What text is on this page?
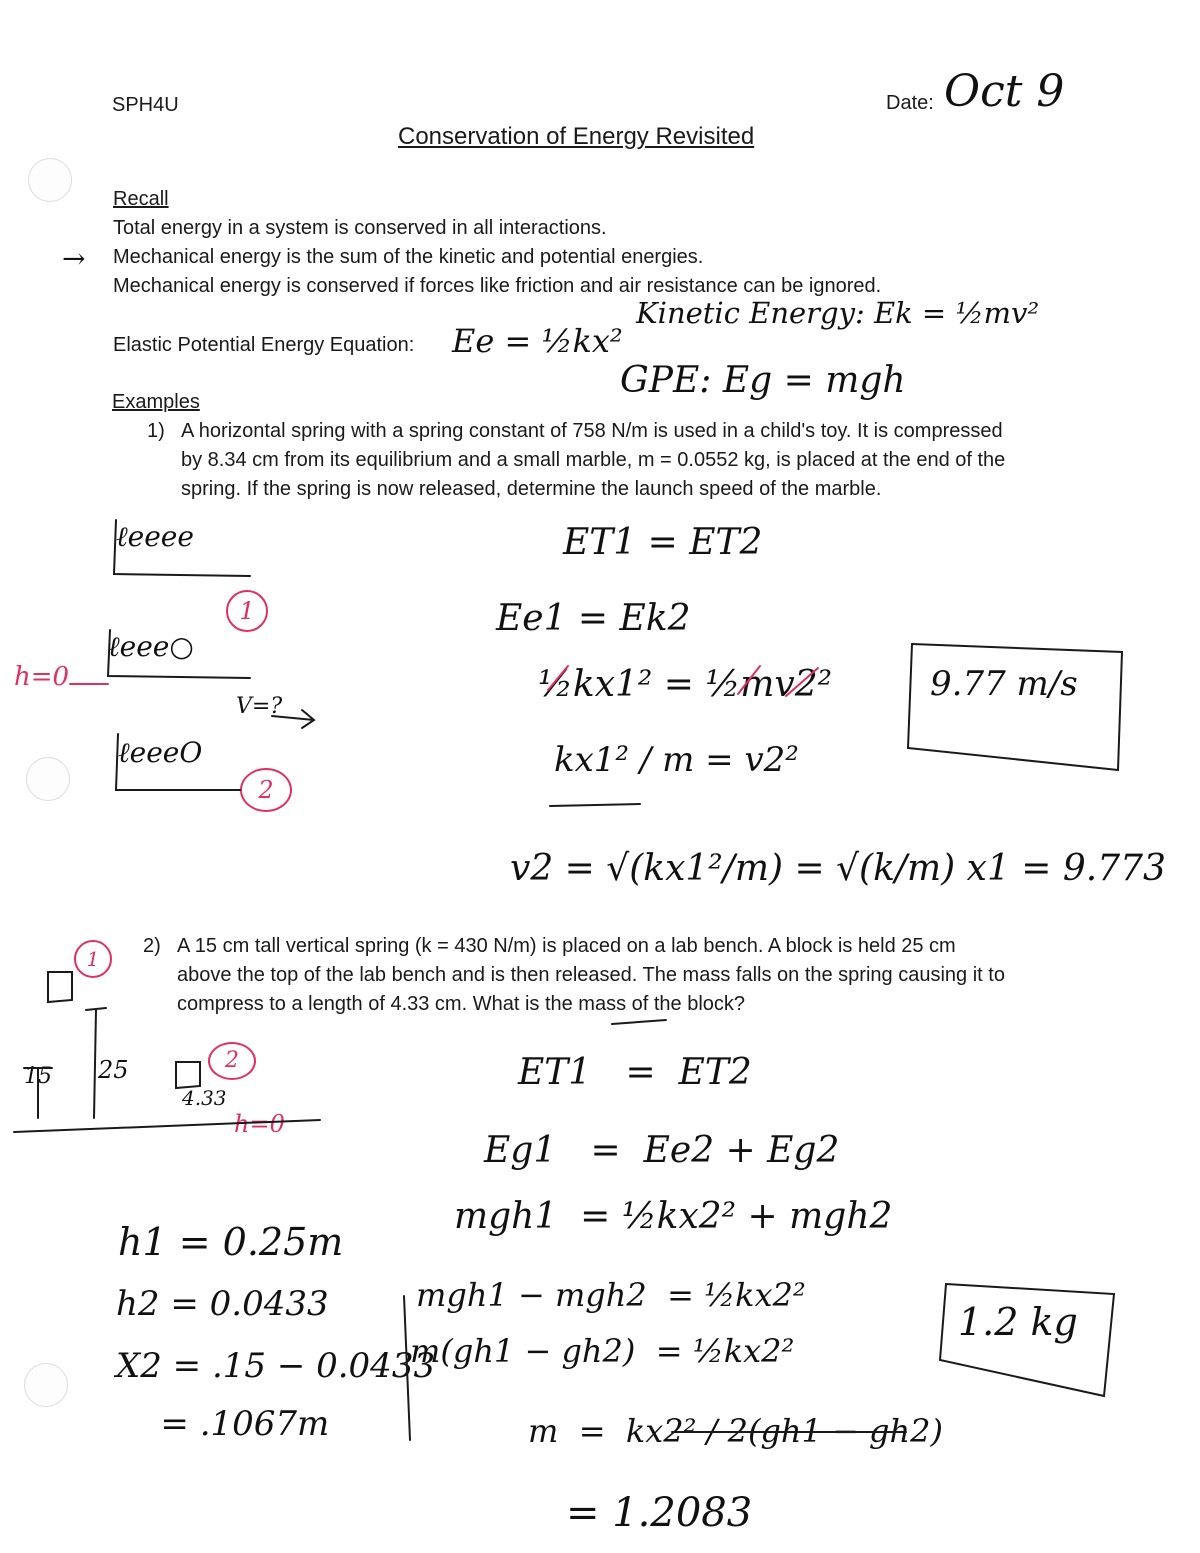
SPH4U	Date: Oct 9
Conservation of Energy Revisited
Recall
→
Total energy in a system is conserved in all interactions.
Mechanical energy is the sum of the kinetic and potential energies.
Mechanical energy is conserved if forces like friction and air resistance can be ignored.
Elastic Potential Energy Equation: Ee = ½kx²
Kinetic Energy: Ek = ½mv²
GPE: Eg = mgh
Examples
1) A horizontal spring with a spring constant of 758 N/m is used in a child's toy. It is compressed
by 8.34 cm from its equilibrium and a small marble, m = 0.0552 kg, is placed at the end of the
spring. If the spring is now released, determine the launch speed of the marble.
ℓeeee
ℓeee○
ℓeeeO
h=0
V=?
1
2
ET1 = ET2
Ee1 = Ek2
½kx1² = ½mv2²
kx1² / m = v2²
v2 = √(kx1²/m) = √(k/m) x1 = 9.773
9.77 m/s
2) A 15 cm tall vertical spring (k = 430 N/m) is placed on a lab bench. A block is held 25 cm
above the top of the lab bench and is then released. The mass falls on the spring causing it to
compress to a length of 4.33 cm. What is the mass of the block?
1
2
15 25
4.33
h=0
h1 = 0.25m
h2 = 0.0433
X2 = .15 − 0.0433
= .1067m
ET1   =  ET2
Eg1   =  Ee2 + Eg2
mgh1  = ½kx2² + mgh2
mgh1 − mgh2  = ½kx2²
m(gh1 − gh2)  = ½kx2²
m  =  kx2² / 2(gh1 − gh2)
= 1.2083
1.2 kg
